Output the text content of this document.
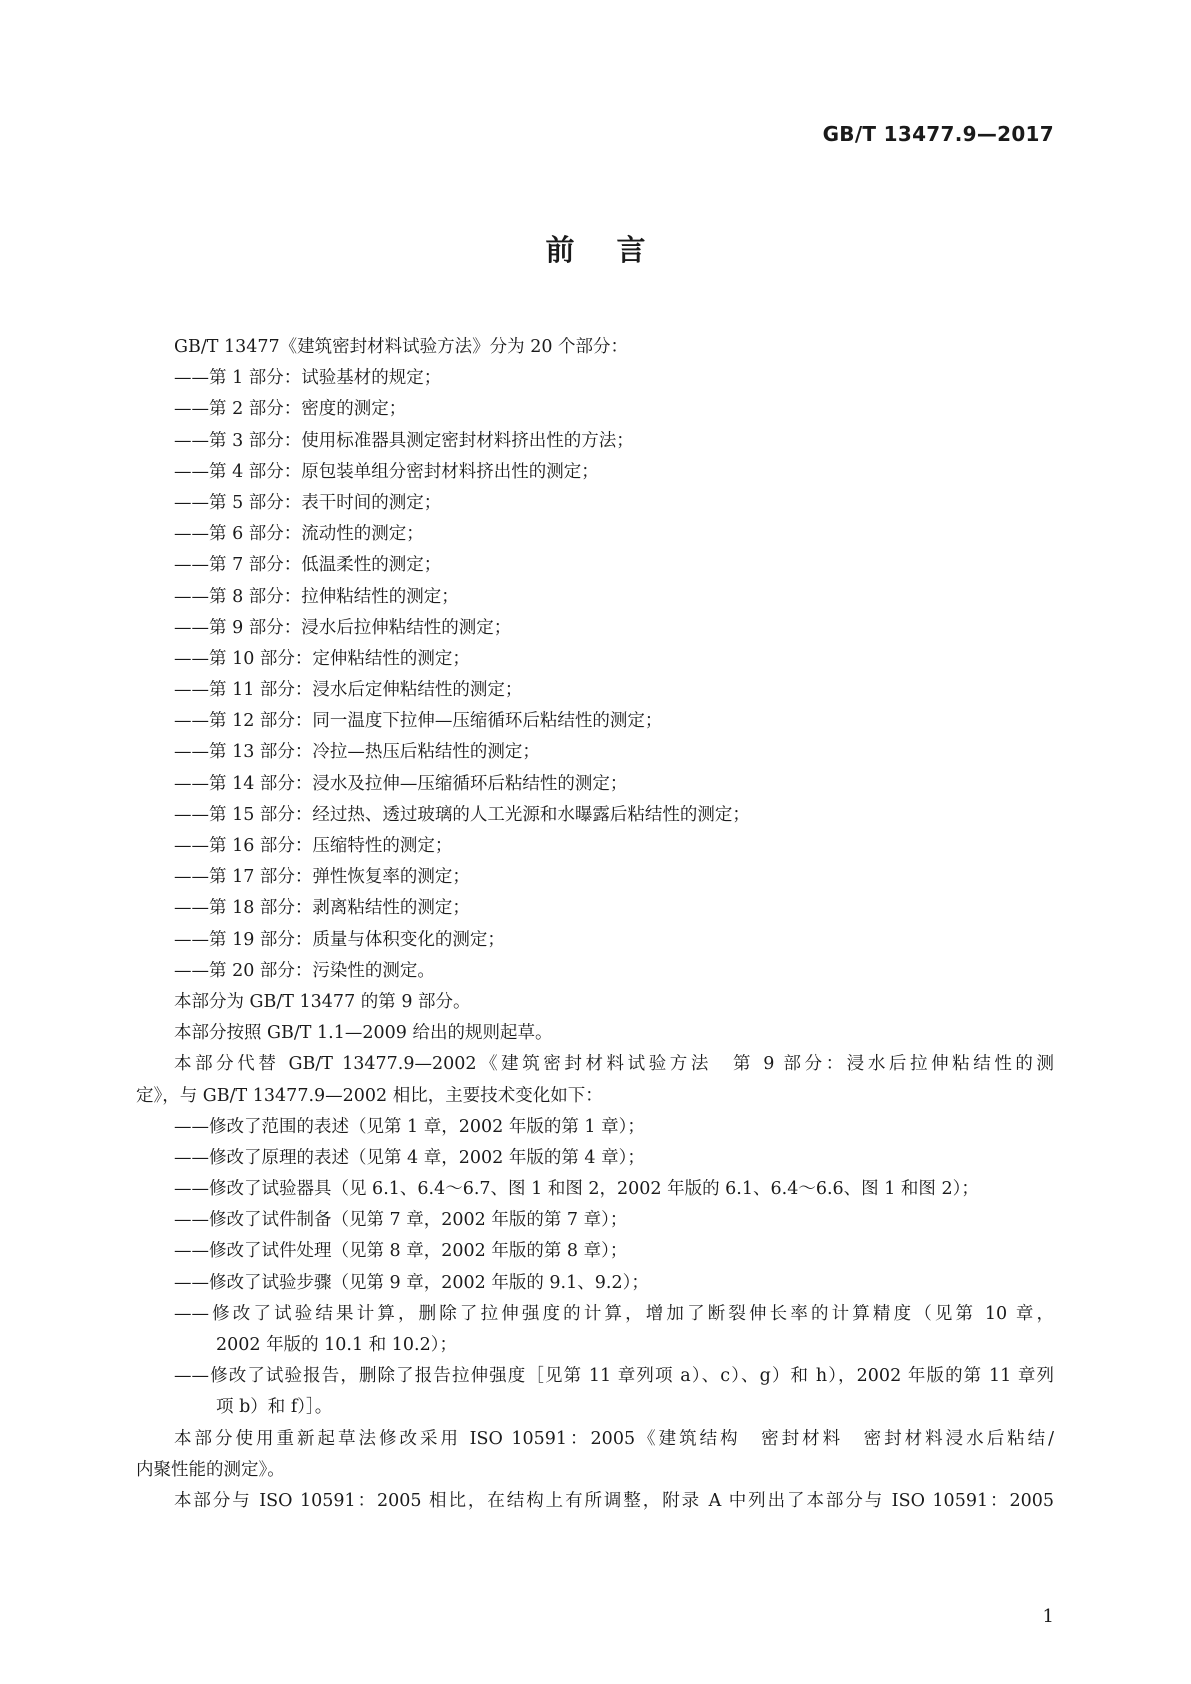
GB/T 13477.9—2017
前言
GB/T 13477《建筑密封材料试验方法》分为 20 个部分：
——第 1 部分：试验基材的规定；
——第 2 部分：密度的测定；
——第 3 部分：使用标准器具测定密封材料挤出性的方法；
——第 4 部分：原包装单组分密封材料挤出性的测定；
——第 5 部分：表干时间的测定；
——第 6 部分：流动性的测定；
——第 7 部分：低温柔性的测定；
——第 8 部分：拉伸粘结性的测定；
——第 9 部分：浸水后拉伸粘结性的测定；
——第 10 部分：定伸粘结性的测定；
——第 11 部分：浸水后定伸粘结性的测定；
——第 12 部分：同一温度下拉伸—压缩循环后粘结性的测定；
——第 13 部分：冷拉—热压后粘结性的测定；
——第 14 部分：浸水及拉伸—压缩循环后粘结性的测定；
——第 15 部分：经过热、透过玻璃的人工光源和水曝露后粘结性的测定；
——第 16 部分：压缩特性的测定；
——第 17 部分：弹性恢复率的测定；
——第 18 部分：剥离粘结性的测定；
——第 19 部分：质量与体积变化的测定；
——第 20 部分：污染性的测定。
本部分为 GB/T 13477 的第 9 部分。
本部分按照 GB/T 1.1—2009 给出的规则起草。
本部分代替 GB/T 13477.9—2002《建筑密封材料试验方法　第 9 部分：浸水后拉伸粘结性的测
定》，与 GB/T 13477.9—2002 相比，主要技术变化如下：
——修改了范围的表述（见第 1 章，2002 年版的第 1 章）；
——修改了原理的表述（见第 4 章，2002 年版的第 4 章）；
——修改了试验器具（见 6.1、6.4～6.7、图 1 和图 2，2002 年版的 6.1、6.4～6.6、图 1 和图 2）；
——修改了试件制备（见第 7 章，2002 年版的第 7 章）；
——修改了试件处理（见第 8 章，2002 年版的第 8 章）；
——修改了试验步骤（见第 9 章，2002 年版的 9.1、9.2）；
——修改了试验结果计算，删除了拉伸强度的计算，增加了断裂伸长率的计算精度（见第 10 章，
2002 年版的 10.1 和 10.2）；
——修改了试验报告，删除了报告拉伸强度［见第 11 章列项 a）、c）、g）和 h），2002 年版的第 11 章列
项 b）和 f）］。
本部分使用重新起草法修改采用 ISO 10591：2005《建筑结构　密封材料　密封材料浸水后粘结/
内聚性能的测定》。
本部分与 ISO 10591：2005 相比，在结构上有所调整，附录 A 中列出了本部分与 ISO 10591：2005
1
